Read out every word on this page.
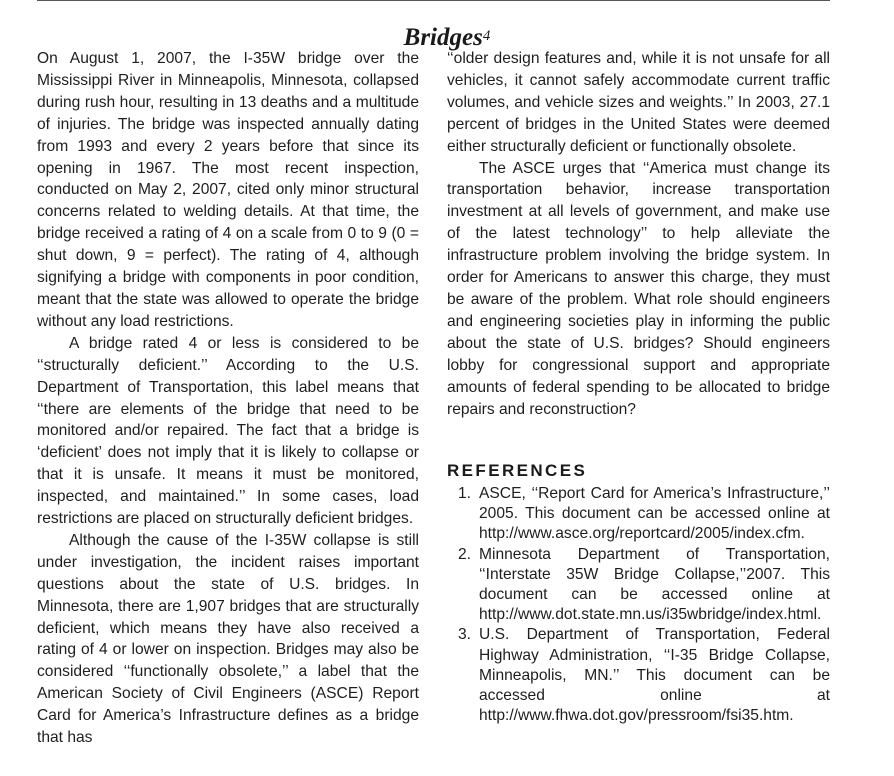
Bridges$^4$

On August 1, 2007, the I-35W bridge over the Mississippi River in Minneapolis, Minnesota, collapsed during rush hour, resulting in 13 deaths and a multitude of injuries. The bridge was inspected annually dating from 1993 and every 2 years before that since its opening in 1967. The most recent inspection, conducted on May 2, 2007, cited only minor structural concerns related to welding details. At that time, the bridge received a rating of 4 on a scale from 0 to 9 (0 = shut down, 9 = perfect). The rating of 4, although signifying a bridge with components in poor condition, meant that the state was allowed to operate the bridge without any load restrictions.

A bridge rated 4 or less is considered to be ‘‘structurally deficient.’’ According to the U.S. Department of Transportation, this label means that ‘‘there are elements of the bridge that need to be monitored and/or repaired. The fact that a bridge is ‘deficient’ does not imply that it is likely to collapse or that it is unsafe. It means it must be monitored, inspected, and maintained.’’ In some cases, load restrictions are placed on structurally deficient bridges.

Although the cause of the I-35W collapse is still under investigation, the incident raises important questions about the state of U.S. bridges. In Minnesota, there are 1,907 bridges that are structurally deficient, which means they have also received a rating of 4 or lower on inspection. Bridges may also be considered ‘‘functionally obsolete,’’ a label that the American Society of Civil Engineers (ASCE) Report Card for America’s Infrastructure defines as a bridge that has

‘‘older design features and, while it is not unsafe for all vehicles, it cannot safely accommodate current traffic volumes, and vehicle sizes and weights.’’ In 2003, 27.1 percent of bridges in the United States were deemed either structurally deficient or functionally obsolete.

The ASCE urges that ‘‘America must change its transportation behavior, increase transportation investment at all levels of government, and make use of the latest technology’’ to help alleviate the infrastructure problem involving the bridge system. In order for Americans to answer this charge, they must be aware of the problem. What role should engineers and engineering societies play in informing the public about the state of U.S. bridges? Should engineers lobby for congressional support and appropriate amounts of federal spending to be allocated to bridge repairs and reconstruction?

REFERENCES
1. ASCE, ‘‘Report Card for America’s Infrastructure,’’ 2005. This document can be accessed online at http://www.asce.org/reportcard/2005/index.cfm.
2. Minnesota Department of Transportation, ‘‘Interstate 35W Bridge Collapse,’’2007. This document can be accessed online at http://www.dot.state.mn.us/i35wbridge/index.html.
3. U.S. Department of Transportation, Federal Highway Administration, ‘‘I-35 Bridge Collapse, Minneapolis, MN.’’ This document can be accessed online at http://www.fhwa.dot.gov/pressroom/fsi35.htm.
